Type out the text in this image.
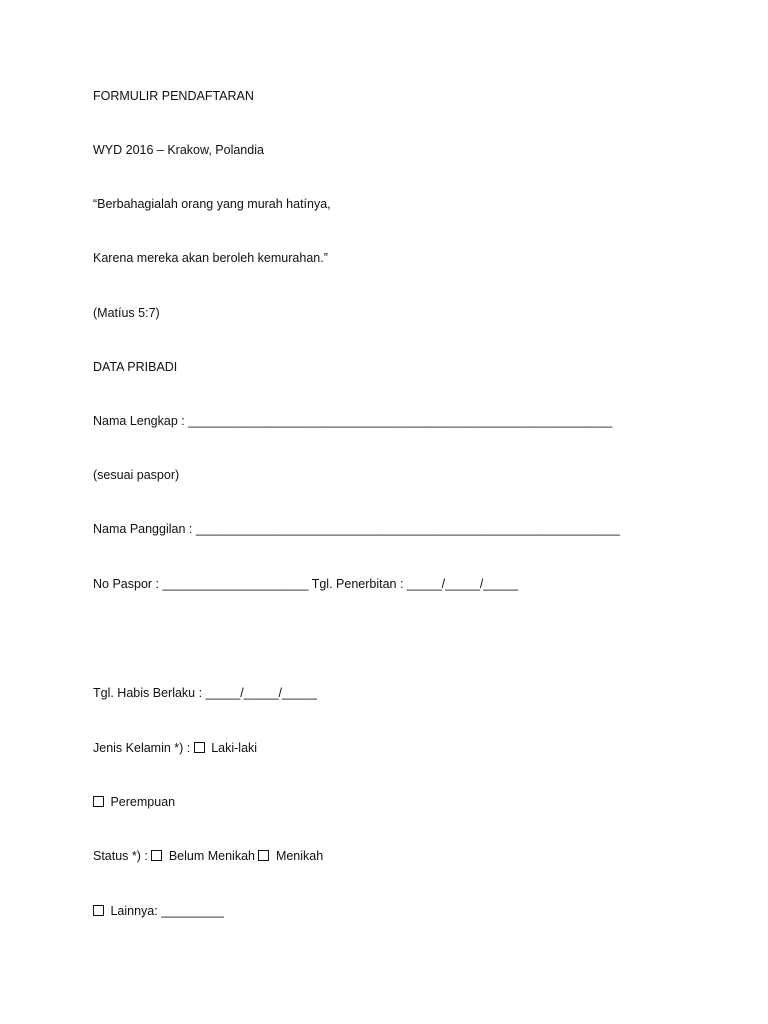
FORMULIR PENDAFTARAN
WYD 2016 – Krakow, Polandia
“Berbahagialah orang yang murah hatínya,
Karena mereka akan beroleh kemurahan.”
(Matíus 5:7)
DATA PRIBADI
Nama Lengkap : _____________________________________________________________
(sesuai paspor)
Nama Panggilan : _____________________________________________________________
No Paspor : _____________________ Tgl. Penerbitan : _____/_____/_____
Tgl. Habis Berlaku : _____/_____/_____
Jenis Kelamin *) :  Laki-laki
Perempuan
Status *) :  Belum Menikah  Menikah
Lainnya: _________
